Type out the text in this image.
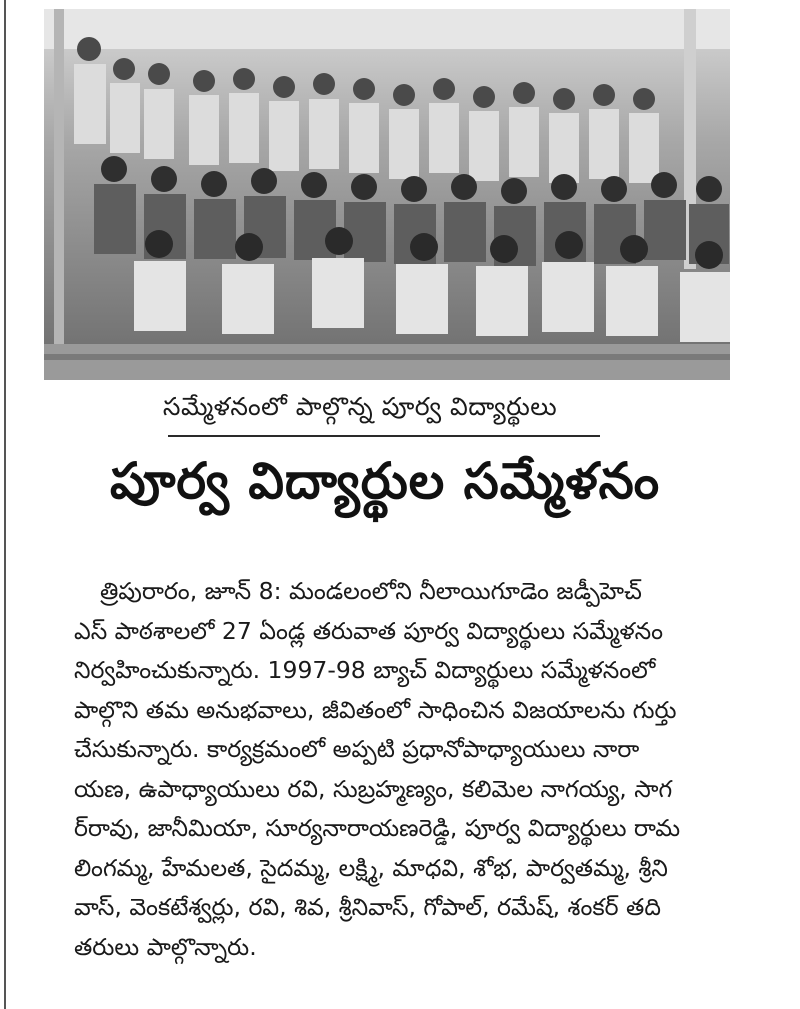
సమ్మేళనంలో పాల్గొన్న పూర్వ విద్యార్థులు
పూర్వ విద్యార్థుల సమ్మేళనం
త్రిపురారం, జూన్ 8: మండలంలోని నీలాయిగూడెం జడ్పీహెచ్
ఎస్ పాఠశాలలో 27 ఏండ్ల తరువాత పూర్వ విద్యార్థులు సమ్మేళనం
నిర్వహించుకున్నారు. 1997-98 బ్యాచ్ విద్యార్థులు సమ్మేళనంలో
పాల్గొని తమ అనుభవాలు, జీవితంలో సాధించిన విజయాలను గుర్తు
చేసుకున్నారు. కార్యక్రమంలో అప్పటి ప్రధానోపాధ్యాయులు నారా
యణ, ఉపాధ్యాయులు రవి, సుబ్రహ్మణ్యం, కలిమెల నాగయ్య, సాగ
ర్‌రావు, జానీమియా, సూర్యనారాయణరెడ్డి, పూర్వ విద్యార్థులు రామ
లింగమ్మ, హేమలత, సైదమ్మ, లక్ష్మి, మాధవి, శోభ, పార్వతమ్మ, శ్రీని
వాస్, వెంకటేశ్వర్లు, రవి, శివ, శ్రీనివాస్, గోపాల్, రమేష్, శంకర్ తది
తరులు పాల్గొన్నారు.
